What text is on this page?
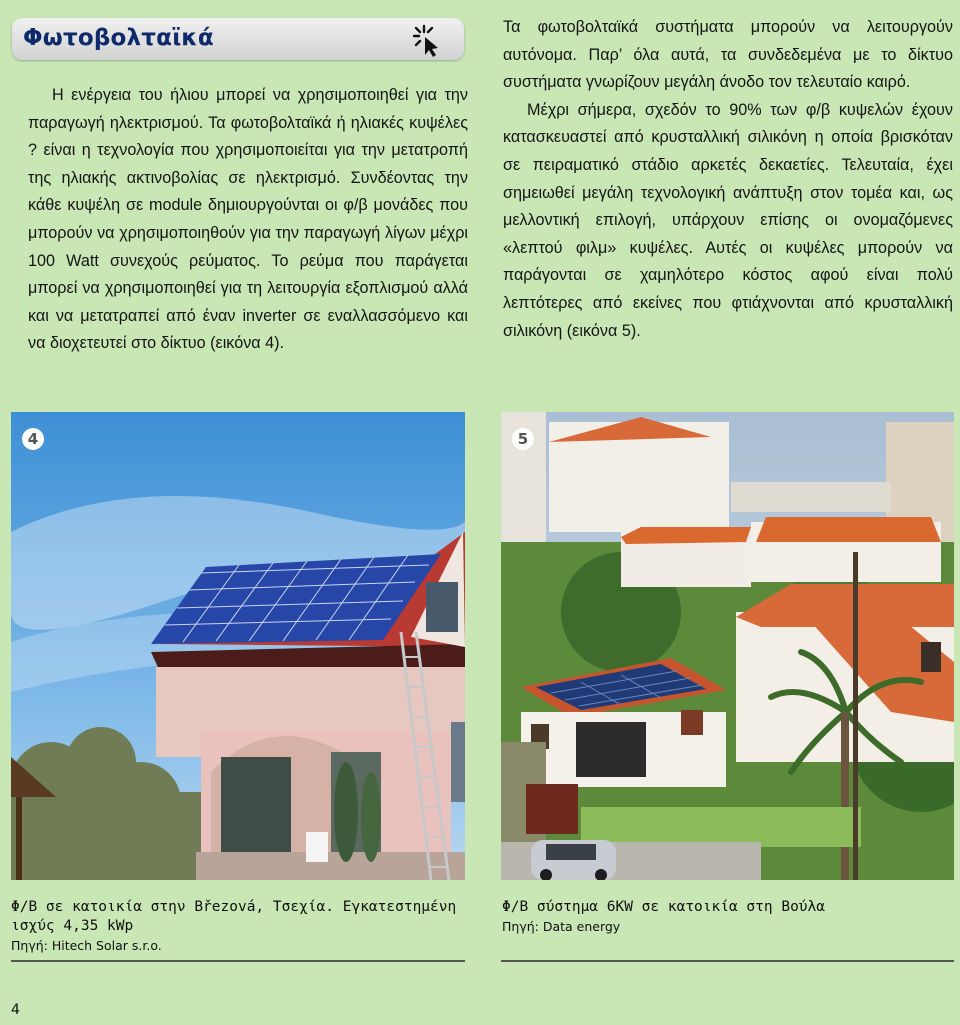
Φωτοβολταϊκά

Η ενέργεια του ήλιου μπορεί να χρησιμοποιηθεί για την παραγωγή ηλεκτρισμού. Τα φωτοβολταϊκά ή ηλιακές κυψέλες ? είναι η τεχνολογία που χρησιμοποιείται για την μετατροπή της ηλιακής ακτινοβολίας σε ηλεκτρισμό. Συνδέοντας την κάθε κυψέλη σε module δημιουργούνται οι φ/β μονάδες που μπορούν να χρησιμοποιηθούν για την παραγωγή λίγων μέχρι 100 Watt συνεχούς ρεύματος. Το ρεύμα που παράγεται μπορεί να χρησιμοποιηθεί για τη λειτουργία εξοπλισμού αλλά και να μετατραπεί από έναν inverter σε εναλλασσόμενο και να διοχετευτεί στο δίκτυο (εικόνα 4).

Τα φωτοβολταϊκά συστήματα μπορούν να λειτουργούν αυτόνομα. Παρ’ όλα αυτά, τα συνδεδεμένα με το δίκτυο συστήματα γνωρίζουν μεγάλη άνοδο τον τελευταίο καιρό.

Μέχρι σήμερα, σχεδόν το 90% των φ/β κυψελών έχουν κατασκευαστεί από κρυσταλλική σιλικόνη η οποία βρισκόταν σε πειραματικό στάδιο αρκετές δεκαετίες. Τελευταία, έχει σημειωθεί μεγάλη τεχνολογική ανάπτυξη στον τομέα και, ως μελλοντική επιλογή, υπάρχουν επίσης οι ονομαζόμενες «λεπτού φιλμ» κυψέλες. Αυτές οι κυψέλες μπορούν να παράγονται σε χαμηλότερο κόστος αφού είναι πολύ λεπτότερες από εκείνες που φτιάχνονται από κρυσταλλική σιλικόνη (εικόνα 5).

4	5
Φ/Β σε κατοικία στην Březová, Τσεχία. Εγκατεστημένη ισχύς 4,35 kWp
Πηγή: Hitech Solar s.r.o.
Φ/Β σύστημα 6KW σε κατοικία στη Βούλα
Πηγή: Data energy
4
